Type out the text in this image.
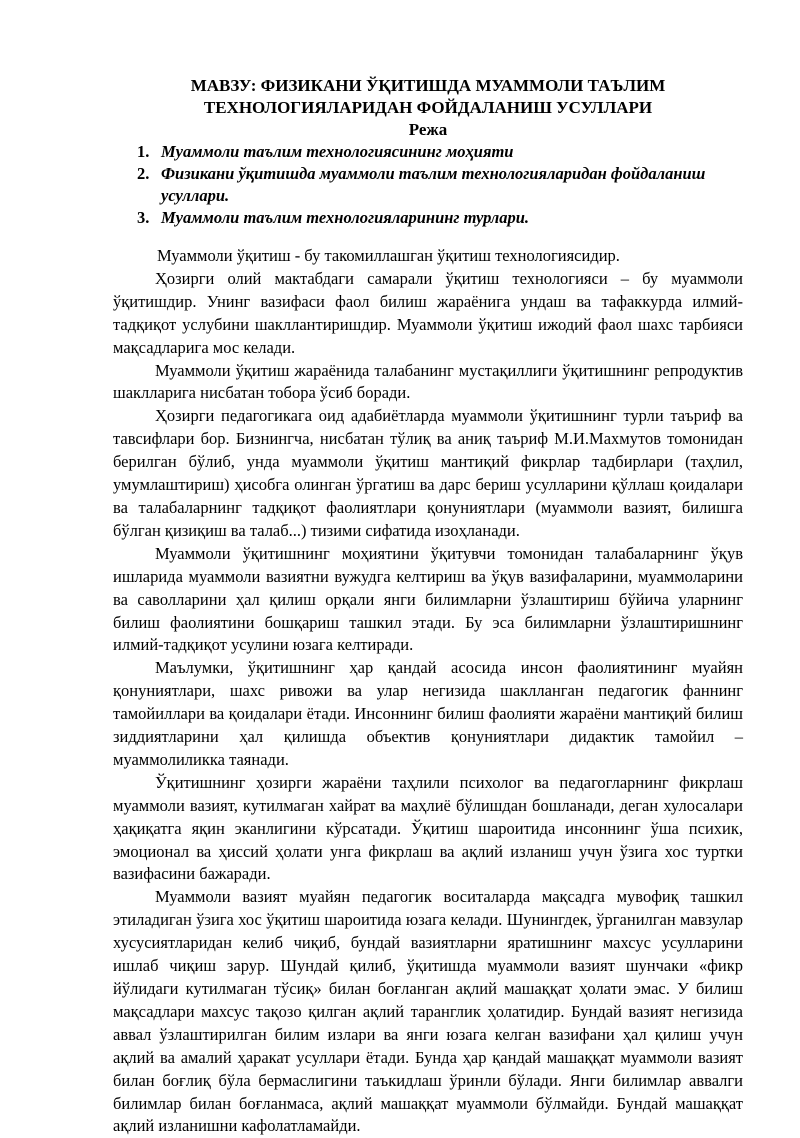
МАВЗУ: ФИЗИКАНИ ЎҚИТИШДА МУАММОЛИ ТАЪЛИМ

ТЕХНОЛОГИЯЛАРИДАН ФОЙДАЛАНИШ УСУЛЛАРИ

Режа

1. Муаммоли таълим технологиясининг моҳияти
2. Физикани ўқитишда муаммоли таълим технологияларидан фойдаланиш усуллари.
3. Муаммоли таълим технологияларининг турлари.

Муаммоли ўқитиш - бу такомиллашган ўқитиш технологиясидир.

Ҳозирги олий мактабдаги самарали ўқитиш технологияси – бу муаммоли ўқитишдир. Унинг вазифаси фаол билиш жараёнига ундаш ва тафаккурда илмий-тадқиқот услубини шакллантиришдир. Муаммоли ўқитиш ижодий фаол шахс тарбияси мақсадларига мос келади.

Муаммоли ўқитиш жараёнида талабанинг мустақиллиги ўқитишнинг репродуктив шаклларига нисбатан тобора ўсиб боради.

Ҳозирги педагогикага оид адабиётларда муаммоли ўқитишнинг турли таъриф ва тавсифлари бор. Бизнингча, нисбатан тўлиқ ва аниқ таъриф М.И.Махмутов томонидан берилган бўлиб, унда муаммоли ўқитиш мантиқий фикрлар тадбирлари (таҳлил, умумлаштириш) ҳисобга олинган ўргатиш ва дарс бериш усулларини қўллаш қоидалари ва талабаларнинг тадқиқот фаолиятлари қонуниятлари (муаммоли вазият, билишга бўлган қизиқиш ва талаб...) тизими сифатида изоҳланади.

Муаммоли ўқитишнинг моҳиятини ўқитувчи томонидан талабаларнинг ўқув ишларида муаммоли вазиятни вужудга келтириш ва ўқув вазифаларини, муаммоларини ва саволларини ҳал қилиш орқали янги билимларни ўзлаштириш бўйича уларнинг билиш фаолиятини бошқариш ташкил этади. Бу эса билимларни ўзлаштиришнинг илмий-тадқиқот усулини юзага келтиради.

Маълумки, ўқитишнинг ҳар қандай асосида инсон фаолиятининг муайян қонуниятлари, шахс ривожи ва улар негизида шаклланган педагогик фаннинг тамойиллари ва қоидалари ётади. Инсоннинг билиш фаолияти жараёни мантиқий билиш зиддиятларини ҳал қилишда объектив қонуниятлари дидактик тамойил – муаммолиликка таянади.

Ўқитишнинг ҳозирги жараёни таҳлили психолог ва педагогларнинг фикрлаш муаммоли вазият, кутилмаган хайрат ва маҳлиё бўлишдан бошланади, деган хулосалари ҳақиқатга яқин эканлигини кўрсатади. Ўқитиш шароитида инсоннинг ўша психик, эмоционал ва ҳиссий ҳолати унга фикрлаш ва ақлий изланиш учун ўзига хос туртки вазифасини бажаради.

Муаммоли вазият муайян педагогик воситаларда мақсадга мувофиқ ташкил этиладиган ўзига хос ўқитиш шароитида юзага келади. Шунингдек, ўрганилган мавзулар хусусиятларидан келиб чиқиб, бундай вазиятларни яратишнинг махсус усулларини ишлаб чиқиш зарур. Шундай қилиб, ўқитишда муаммоли вазият шунчаки «фикр йўлидаги кутилмаган тўсиқ» билан боғланган ақлий машаққат ҳолати эмас. У билиш мақсадлари махсус тақозо қилган ақлий таранглик ҳолатидир. Бундай вазият негизида аввал ўзлаштирилган билим излари ва янги юзага келган вазифани ҳал қилиш учун ақлий ва амалий ҳаракат усуллари ётади. Бунда ҳар қандай машаққат муаммоли вазият билан боғлиқ бўла бермаслигини таъкидлаш ўринли бўлади. Янги билимлар аввалги билимлар билан боғланмаса, ақлий машаққат муаммоли бўлмайди. Бундай машаққат ақлий изланишни кафолатламайди.
